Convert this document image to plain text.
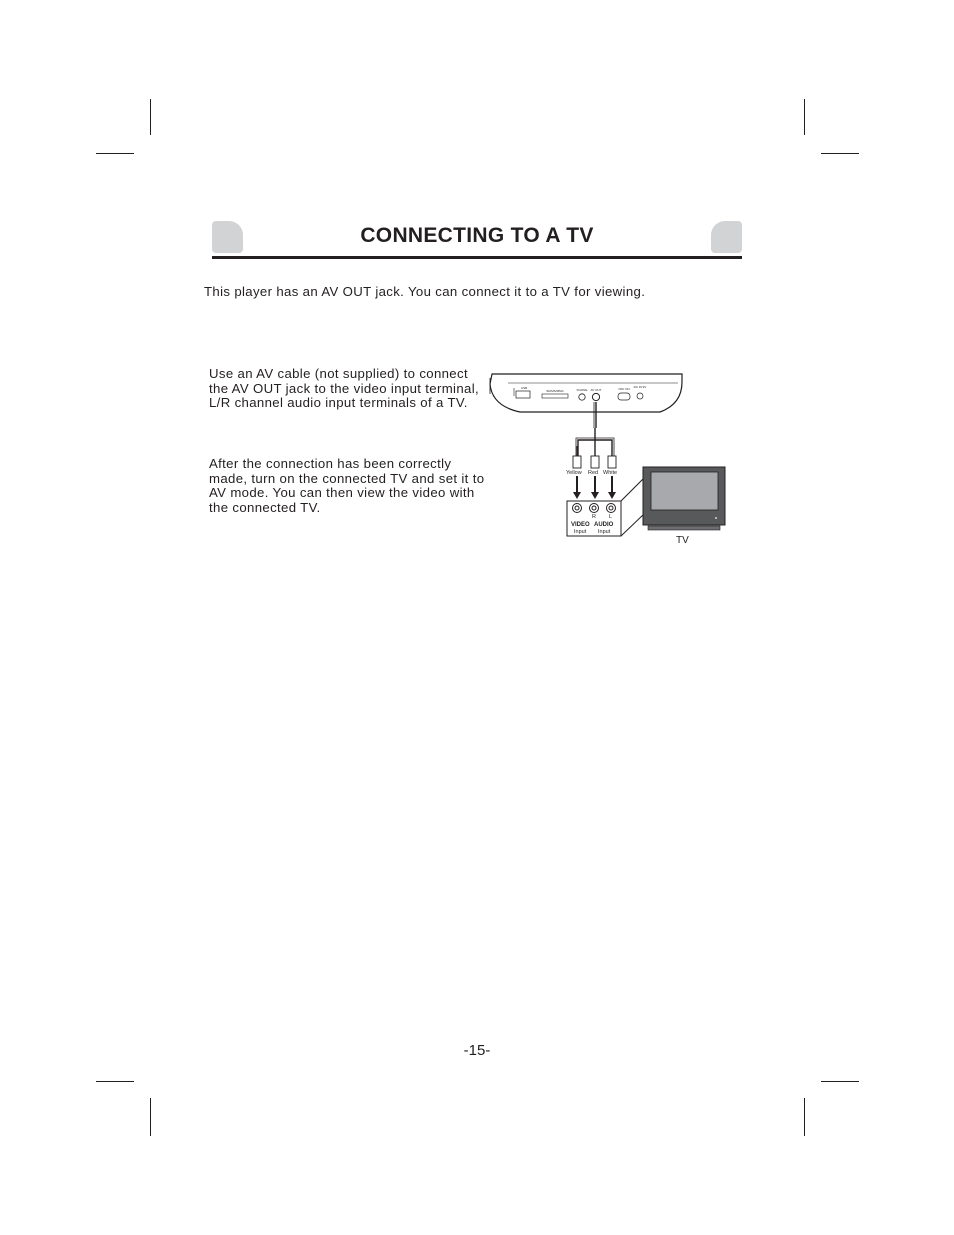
CONNECTING TO A TV
This player has an AV OUT jack. You can connect it to a TV for viewing.
Use an AV cable (not supplied) to connect the AV OUT jack to the video input terminal, L/R channel audio input terminals of a TV.
After the connection has been correctly made, turn on the connected TV and set it to AV mode. You can then view the video with the connected TV.
USB
SD/MS/MMC	PHONE AV OUT	OFF ON DC IN 9V
Yellow Red White
R L
VIDEO AUDIO
Input Input
TV
-15-
